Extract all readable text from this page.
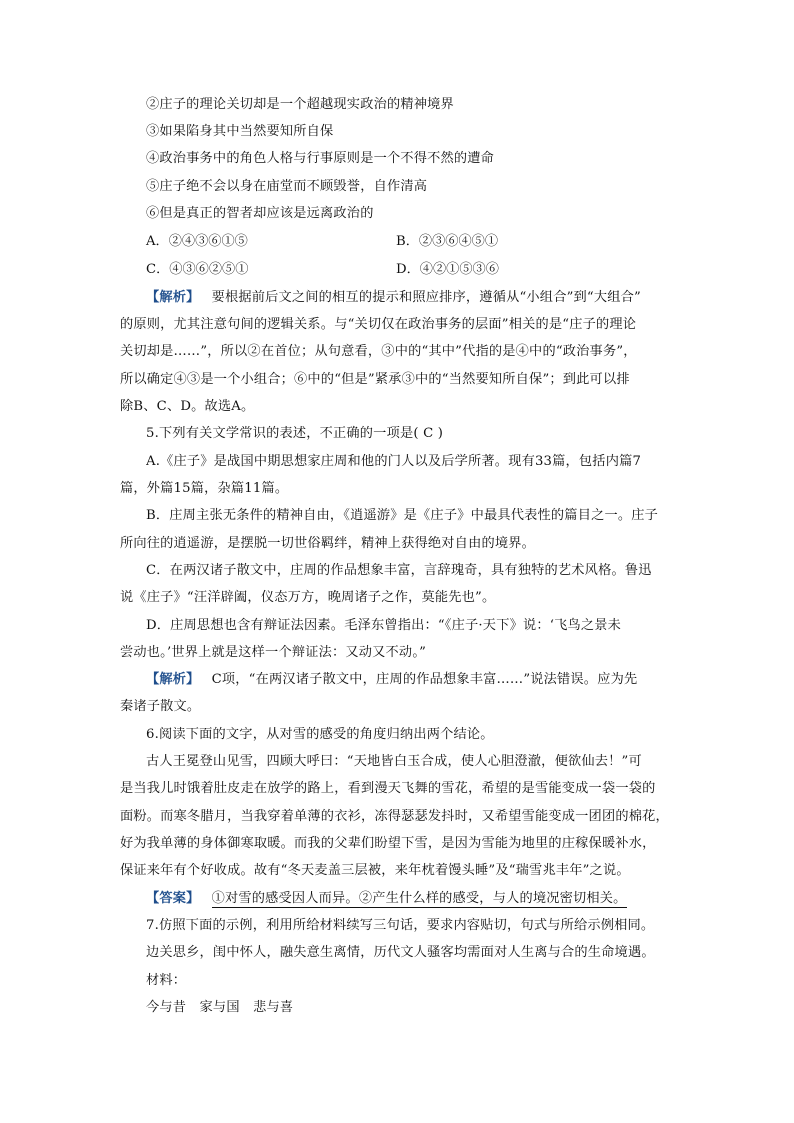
②庄子的理论关切却是一个超越现实政治的精神境界
③如果陷身其中当然要知所自保
④政治事务中的角色人格与行事原则是一个不得不然的遭命
⑤庄子绝不会以身在庙堂而不顾毁誉，自作清高
⑥但是真正的智者却应该是远离政治的
A．②④③⑥①⑤	B．②③⑥④⑤①
C．④③⑥②⑤①	D．④②①⑤③⑥
【解析】 要根据前后文之间的相互的提示和照应排序，遵循从“小组合”到“大组合”
的原则，尤其注意句间的逻辑关系。与“关切仅在政治事务的层面”相关的是“庄子的理论
关切却是……”，所以②在首位；从句意看，③中的“其中”代指的是④中的“政治事务”，
所以确定④③是一个小组合；⑥中的“但是”紧承③中的“当然要知所自保”；到此可以排
除B、C、D。故选A。
5.下列有关文学常识的表述，不正确的一项是( C )
A.《庄子》是战国中期思想家庄周和他的门人以及后学所著。现有33篇，包括内篇7
篇，外篇15篇，杂篇11篇。
B．庄周主张无条件的精神自由，《逍遥游》是《庄子》中最具代表性的篇目之一。庄子
所向往的逍遥游，是摆脱一切世俗羁绊，精神上获得绝对自由的境界。
C．在两汉诸子散文中，庄周的作品想象丰富，言辞瑰奇，具有独特的艺术风格。鲁迅
说《庄子》“汪洋辟阖，仪态万方，晚周诸子之作，莫能先也”。
D．庄周思想也含有辩证法因素。毛泽东曾指出：“《庄子·天下》说：‘飞鸟之景未
尝动也。’世界上就是这样一个辩证法：又动又不动。”
【解析】 C项，“在两汉诸子散文中，庄周的作品想象丰富……”说法错误。应为先
秦诸子散文。
6.阅读下面的文字，从对雪的感受的角度归纳出两个结论。
古人王冕登山见雪，四顾大呼曰：“天地皆白玉合成，使人心胆澄澈，便欲仙去！”可
是当我儿时饿着肚皮走在放学的路上，看到漫天飞舞的雪花，希望的是雪能变成一袋一袋的
面粉。而寒冬腊月，当我穿着单薄的衣衫，冻得瑟瑟发抖时，又希望雪能变成一团团的棉花，
好为我单薄的身体御寒取暖。而我的父辈们盼望下雪，是因为雪能为地里的庄稼保暖补水，
保证来年有个好收成。故有“冬天麦盖三层被，来年枕着馒头睡”及“瑞雪兆丰年”之说。
【答案】 ①对雪的感受因人而异。②产生什么样的感受，与人的境况密切相关。
7.仿照下面的示例，利用所给材料续写三句话，要求内容贴切，句式与所给示例相同。
边关思乡，闺中怀人，融失意生离情，历代文人骚客均需面对人生离与合的生命境遇。
材料：
今与昔　家与国　悲与喜
